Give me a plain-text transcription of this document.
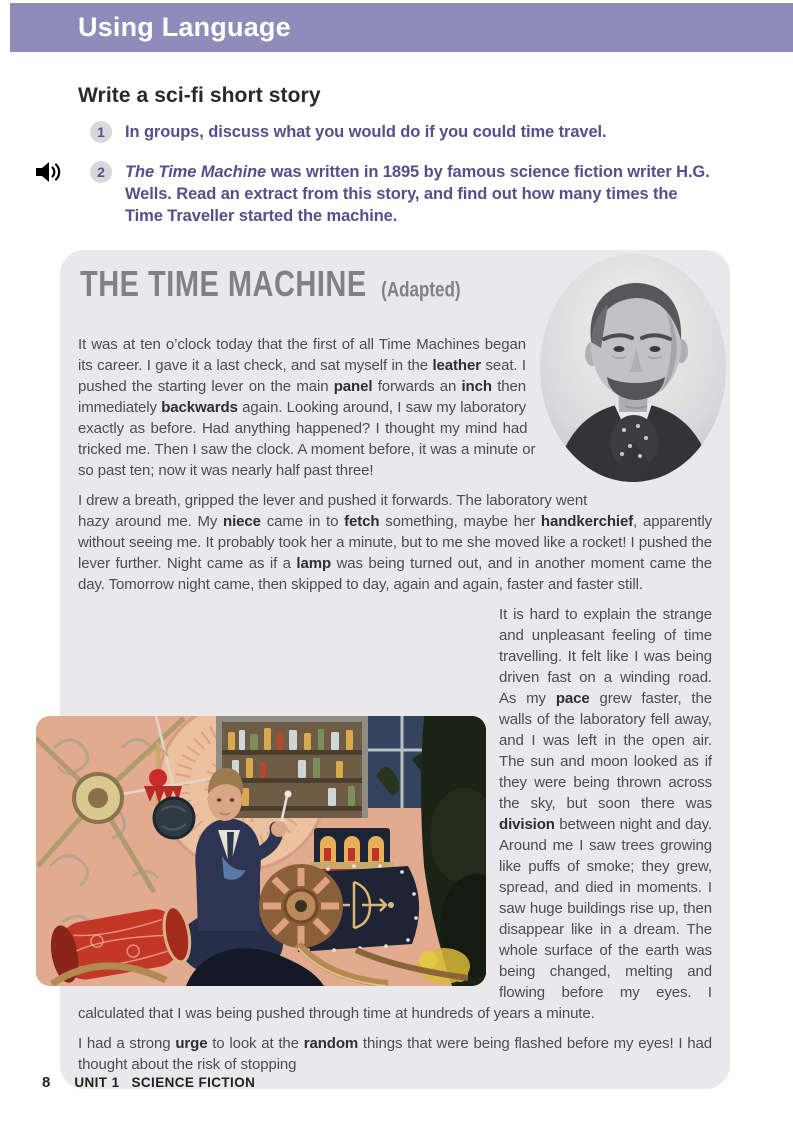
Using Language
Write a sci-fi short story
1	In groups, discuss what you would do if you could time travel.
2	The Time Machine was written in 1895 by famous science fiction writer H.G. Wells. Read an extract from this story, and find out how many times the Time Traveller started the machine.
THE TIME MACHINE (Adapted)

It was at ten o’clock today that the first of all Time Machines began its career. I gave it a last check, and sat myself in the leather seat. I pushed the starting lever on the main panel forwards an inch then immediately backwards again. Looking around, I saw my laboratory exactly as before. Had anything happened? I thought my mind had tricked me. Then I saw the clock. A moment before, it was a minute or so past ten; now it was nearly half past three!

I drew a breath, gripped the lever and pushed it forwards. The laboratory went hazy around me. My niece came in to fetch something, maybe her handkerchief, apparently without seeing me. It probably took her a minute, but to me she moved like a rocket! I pushed the lever further. Night came as if a lamp was being turned out, and in another moment came the day. Tomorrow night came, then skipped to day, again and again, faster and faster still.

It is hard to explain the strange and unpleasant feeling of time travelling. It felt like I was being driven fast on a winding road. As my pace grew faster, the walls of the laboratory fell away, and I was left in the open air. The sun and moon looked as if they were being thrown across the sky, but soon there was division between night and day. Around me I saw trees growing like puffs of smoke; they grew, spread, and died in moments. I saw huge buildings rise up, then disappear like in a dream. The whole surface of the earth was being changed, melting and flowing before my eyes. I calculated that I was being pushed through time at hundreds of years a minute.

I had a strong urge to look at the random things that were being flashed before my eyes! I had thought about the risk of stopping

8 UNIT 1 SCIENCE FICTION
